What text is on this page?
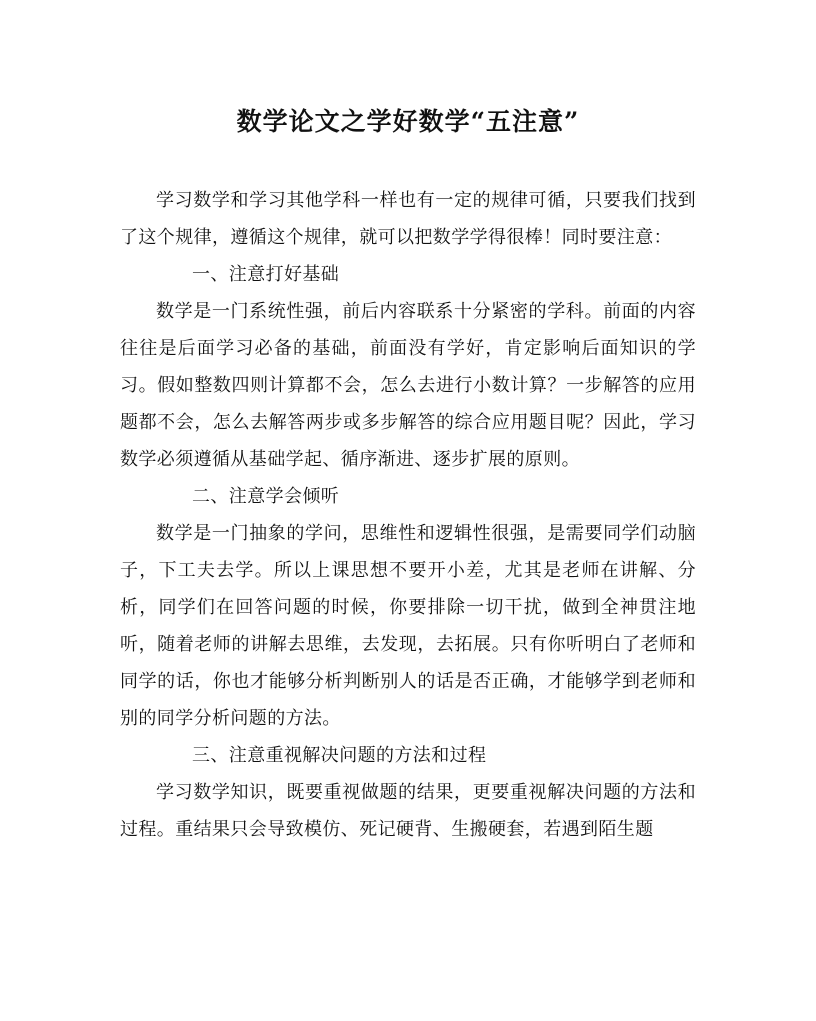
数学论文之学好数学“五注意”

学习数学和学习其他学科一样也有一定的规律可循，只要我们找到了这个规律，遵循这个规律，就可以把数学学得很棒！同时要注意：

一、注意打好基础

数学是一门系统性强，前后内容联系十分紧密的学科。前面的内容往往是后面学习必备的基础，前面没有学好，肯定影响后面知识的学习。假如整数四则计算都不会，怎么去进行小数计算？一步解答的应用题都不会，怎么去解答两步或多步解答的综合应用题目呢？因此，学习数学必须遵循从基础学起、循序渐进、逐步扩展的原则。

二、注意学会倾听

数学是一门抽象的学问，思维性和逻辑性很强，是需要同学们动脑子，下工夫去学。所以上课思想不要开小差，尤其是老师在讲解、分析，同学们在回答问题的时候，你要排除一切干扰，做到全神贯注地听，随着老师的讲解去思维，去发现，去拓展。只有你听明白了老师和同学的话，你也才能够分析判断别人的话是否正确，才能够学到老师和别的同学分析问题的方法。

三、注意重视解决问题的方法和过程

学习数学知识，既要重视做题的结果，更要重视解决问题的方法和过程。重结果只会导致模仿、死记硬背、生搬硬套，若遇到陌生题
